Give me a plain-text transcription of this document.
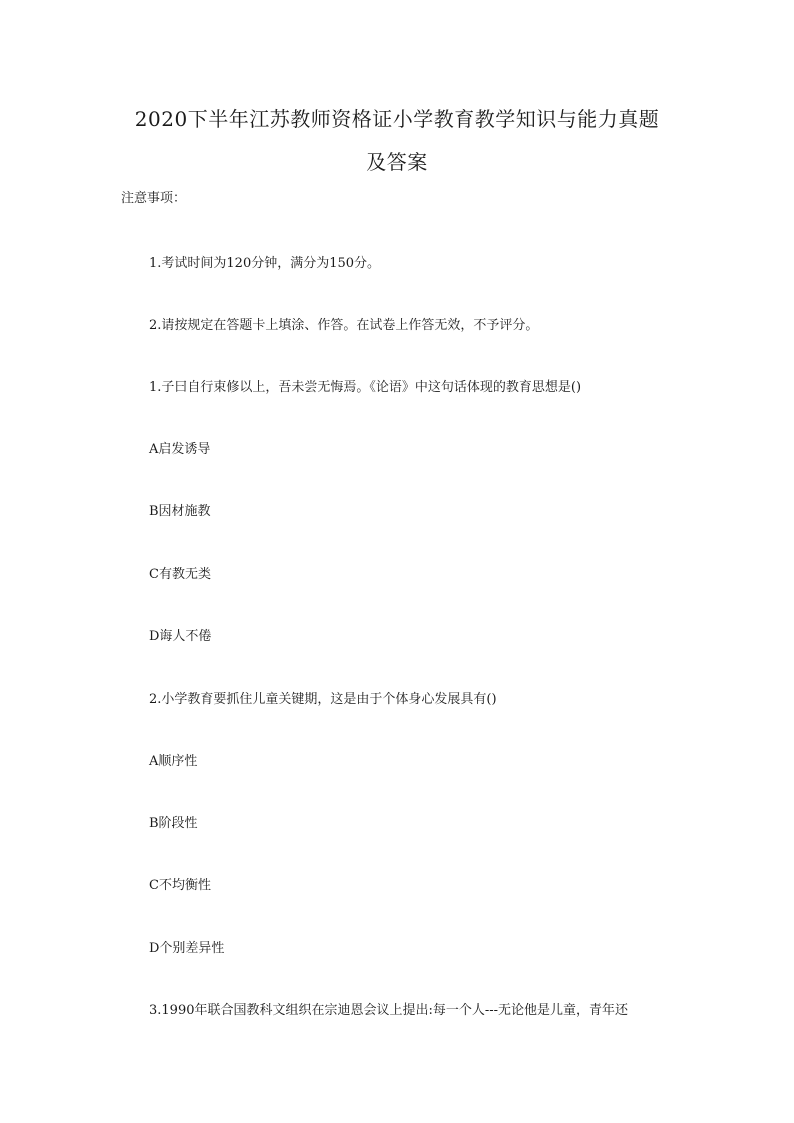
2020下半年江苏教师资格证小学教育教学知识与能力真题
及答案
注意事项：
1.考试时间为120分钟，满分为150分。
2.请按规定在答题卡上填涂、作答。在试卷上作答无效，不予评分。
1.子曰自行束修以上，吾未尝无悔焉。《论语》中这句话体现的教育思想是()
A启发诱导
B因材施教
C有教无类
D诲人不倦
2.小学教育要抓住儿童关键期，这是由于个体身心发展具有()
A顺序性
B阶段性
C不均衡性
D个别差异性
3.1990年联合国教科文组织在宗迪恩会议上提出:每一个人---无论他是儿童，青年还
